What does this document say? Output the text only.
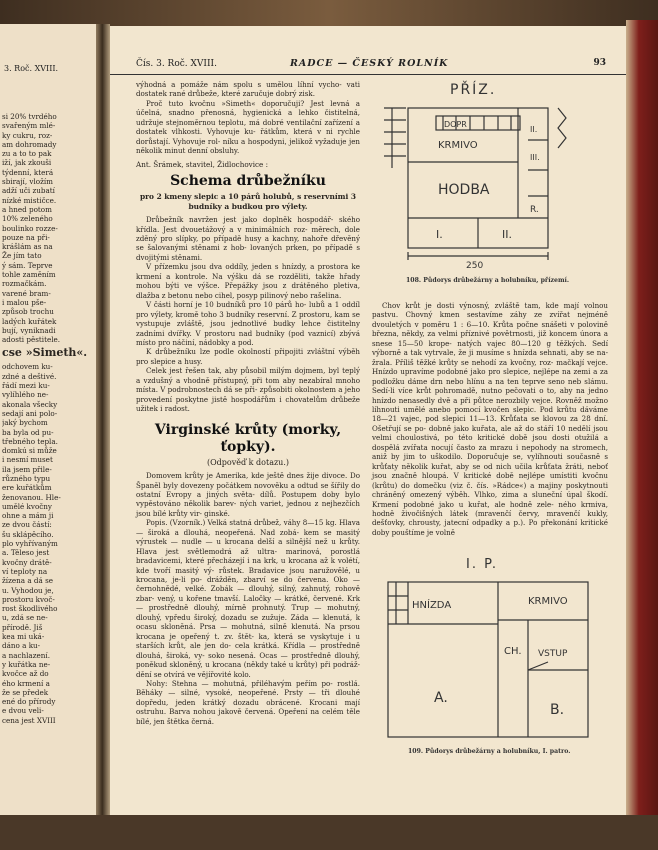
3. Roč. XVIII.
si 20% tvrdého
svařeným mlé-
ky cukru, roz-
am dohromady
zu a to to pak
iží, jak zkouši
týdenní, která
sbirají, vložím
adží uči zubatí
nízké mističce.
a hned potom
10% zeleného
boulinko rozze-
pouze na při-
krášlám as na
Že jím tato
ý sám. Teprve
tohle zaměním
rozmačkám.
varené bram-
i malou pše-
způsob trochu
ladých kuřátek
bují, vyniknadi
adosti pěstitele.
cse »Simeth«.
odchovem ku-
zdné a deštivé.
řádí mezi ku-
vylíhlého ne-
akonala všecky
sedají ani polo-
jaký bychom
ba byla od pu-
třebného tepla.
domkú si může
i nesmí muset
ila jsem přile-
různého typu
ere kuřátkům
ženovanou. Hle-
umělé kvočny
ohne a mám ji
ze dvou částí:
šu sklápěcího.
plo vyhřívaným
a. Těleso jest
kvočny drátě-
ví teploty na
žízena a dá se
u. Vyhodou je,
prostoru kvoč-
rost škodlivého
u, zdá se ne-
přírodě. Jiš
kea mi uká-
dáno a ku-
a nachlazení.
y kuřátka ne-
kvočce až do
ého krmení a
že se předek
ené do přírody
e dvou veli-
cena jest XVIII
Čís. 3. Roč. XVIII.	RADCE — ČESKÝ ROLNÍK	93

výhodná a pomáže nám spolu s umělou líhní vycho- vati dostatek rané drůbeže, které zaručuje dobrý zisk.

Proč tuto kvočnu »Simeth« doporučuji? Jest levná a účelná, snadno přenosná, hygienická a lehko čistitelná, udržuje stejnoměrnou teplotu, má dobré ventilační zařízení a dostatek vlhkosti. Vyhovuje ku- řátkům, která v ni rychle dorůstají. Vyhovuje rol- níku a hospodyni, jelikož vyžaduje jen několik minut denní obsluhy.

Ant. Šrámek, stavitel, Židlochovice :
Schema drůbežníku
pro 2 kmeny slepic a 10 párů holubů, s reservními 3 budníky a budkou pro výlety.

Drůbežník navržen jest jako doplněk hospodář- ského křídla. Jest dvouetážový a v minimálních roz- měrech, dole zděný pro slípky, po případě husy a kachny, nahoře dřevěný se šalovanými stěnami z hob- lovaných prken, po případě s dvojitými stěnami.

V přízemku jsou dva oddíly, jeden s hnízdy, a prostora ke krmení a kontrole. Na výšku dá se rozděliti, takže hřady mohou býti ve výšce. Přepážky jsou z drátěného pletiva, dlažba z betonu nebo cihel, posyp pilinový nebo rašelina.

V části horní je 10 budníků pro 10 párů ho- lubů a 1 oddíl pro výlety, kromě toho 3 budníky reservní. Z prostoru, kam se vystupuje zvláště, jsou jednotlivé budky lehce čistitelny zadními dvířky. V prostoru nad budníky (pod vaznicí) zbývá místo pro náčiní, nádobky a pod.

K drůbežníku lze podle okolností připojiti zvláštní výběh pro slepice a husy.

Celek jest řešen tak, aby působil milým dojmem, byl teplý a vzdušný a vhodně přístupný, při tom aby nezabíral mnoho místa. V podrobnostech dá se při- způsobiti okolnostem a jeho provedení poskytne jistě hospodářům i chovatelům drůbeže užitek i radost.

Virginské krůty (morky, ťopky).
(Odpověď k dotazu.)

Domovem krůty je Amerika, kde ještě dnes žije divoce. Do Španěl byly dovezeny počátkem novověku a odtud se šířily do ostatní Evropy a jiných světa- dílů. Postupem doby bylo vypěstováno několik barev- ných variet, jednou z nejhezčích jsou bílé krůty vir- ginské.

Popis. (Vzorník.) Velká statná drůbež, váhy 8—15 kg. Hlava — široká a dlouhá, neopeřená. Nad zobá- kem se masitý výrustek — nudle — u krocana delší a silnější než u krůty. Hlava jest světlemodrá až ultra- marinová, porostlá bradavicemi, které přecházejí i na krk, u krocana až k volétí, kde tvoří masitý vý- růstek. Bradavice jsou naružovělé, u krocana, je-li po- drážděn, zbarví se do červena. Oko — černohnědé, velké. Zobák — dlouhý, silný, zahnutý, rohově zbar- vený, u kořene tmavší. Laločky — krátké, červené. Krk — prostředně dlouhý, mírně prohnutý. Trup — mohutný, dlouhý, vpředu široký, dozadu se zužuje. Záda — klenutá, k ocasu skloněná. Prsa — mohutná, silně klenutá. Na prsou krocana je opeřený t. zv. štět- ka, která se vyskytuje i u starších krůt, ale jen do- cela krátká. Křídla — prostředně dlouhá, široká, vy- soko nesená. Ocas — prostředně dlouhý, poněkud skloněný, u krocana (někdy také u krůty) při podráž- dění se otvírá ve vějířovité kolo.

Nohy: Stehna — mohutná, přiléhavým peřím po- rostlá. Běháky — silné, vysoké, neopeřené. Prsty — tři dlouhé dopředu, jeden krátký dozadu obrácené. Krocani mají ostruhu. Barva nohou jakově červená. Opeření na celém těle bílé, jen štětka černá.

PŘÍZ.
DOPR
KRMIVO
HODBA
I.	II.
II.
III.
R.
250
108. Půdorys drůbežárny a holubníku, přízemí.

Chov krůt je dosti výnosný, zvláště tam, kde mají volnou pastvu. Chovný kmen sestavíme záhy ze zvířat nejméně dvouletých v poměru 1 : 6—10. Krůta počne snášeti v polovině března, někdy, za velmi příznivé povětrnosti, již koncem února a snese 15—50 krope- natých vajec 80—120 g těžkých. Sedí výborně a tak vytrvale, že ji musíme s hnízda sehnati, aby se na- žrala. Příliš těžké krůty se nehodí za kvočny, roz- mačkají vejce. Hnízdo upravíme podobné jako pro slepice, nejlépe na zemi a za podložku dáme drn nebo hlínu a na ten teprve seno neb slámu. Sedí-li více krůt pohromadě, nutno pečovati o to, aby na jedno hnízdo nenasedly dvě a při půtce nerozbily vejce. Rovněž možno líhnouti umělé anebo pomocí kvočen slepic. Pod krůtu dáváme 18—21 vajec, pod slepici 11—13. Krůťata se klovou za 28 dní. Ošetřují se po- dobně jako kuřata, ale až do stáří 10 nedělí jsou velmi choulostivá, po této kritické době jsou dosti otužilá a dospělá zvířata nocují často za mrazu i nepohody na stromech, aniž by jim to uškodilo. Doporučuje se, vylíhnouti současně s krůťaty několik kuřat, aby se od nich učila krůťata žráti, neboť jsou značně hloupá. V kritické době nejlépe umístiti kvočnu (krůtu) do domečku (viz č. čís. »Rádce«) a majiny poskytnouti chráněný omezený výběh. Vlhko, zima a sluneční úpal škodí. Krmení podobné jako u kuřat, ale hodně zele- ného krmiva, hodně živočišných látek (mravenčí červy, mravenčí kukly, dešťovky, chrousty, jatecní odpadky a p.). Po překonání kritické doby pouštíme je volně

I. P.
HNÍZDA	KRMIVO
CH. VSTUP
A.
B.
109. Půdorys drůbežárny a holubníku, I. patro.
